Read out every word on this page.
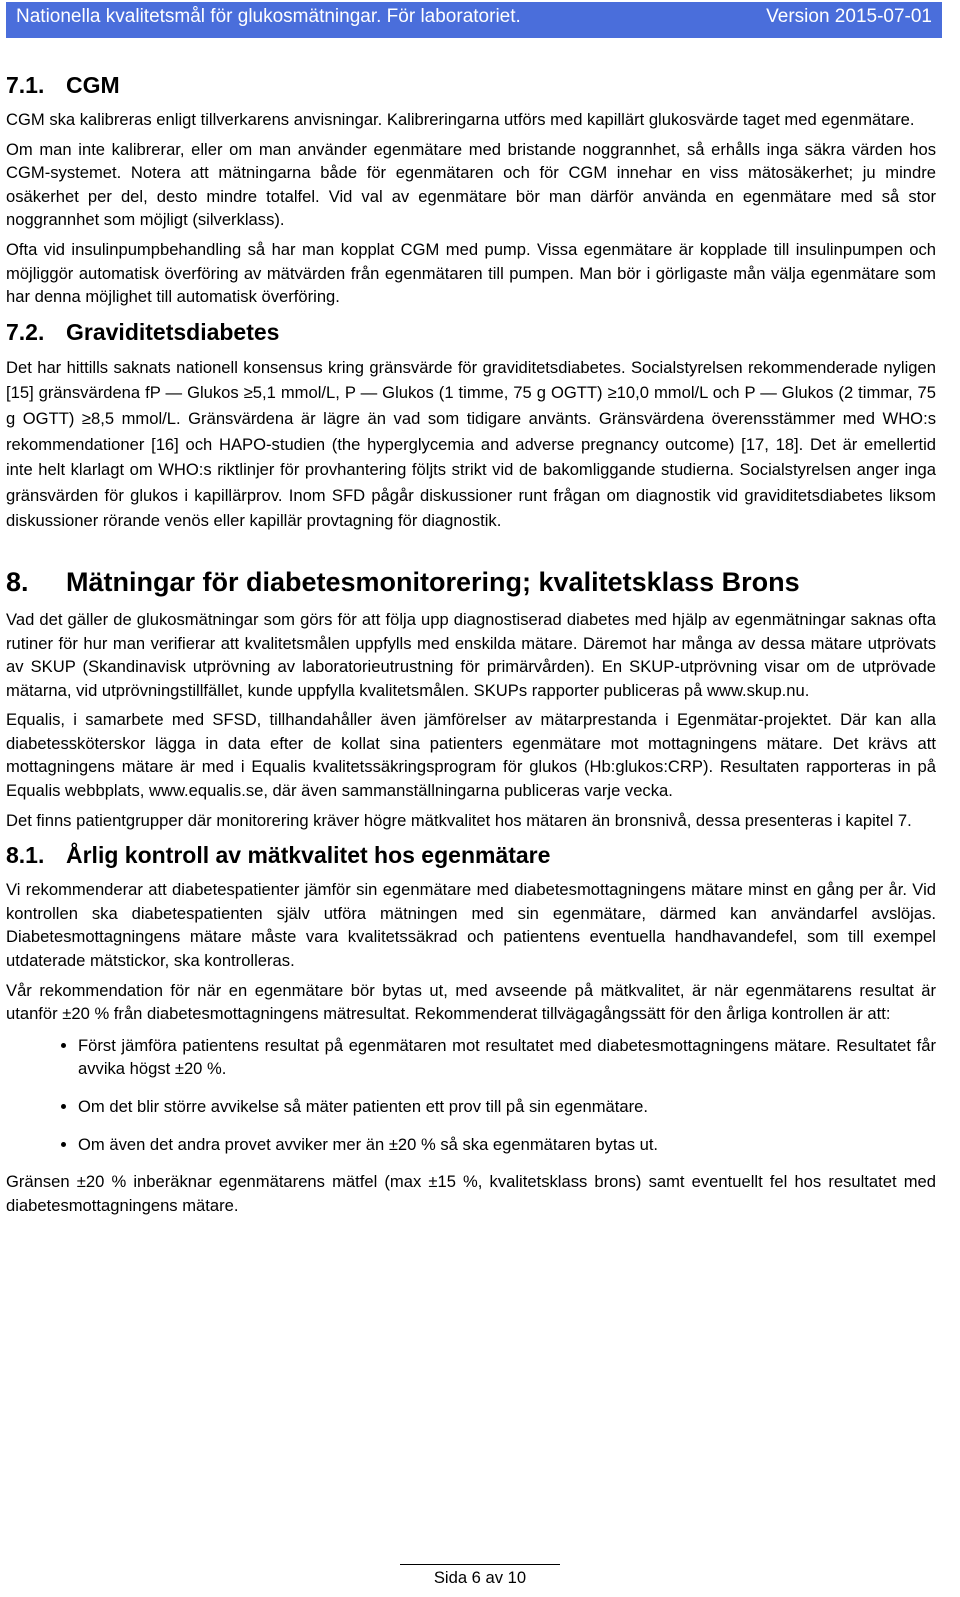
Nationella kvalitetsmål för glukosmätningar. För laboratoriet.	Version 2015-07-01
7.1. CGM

CGM ska kalibreras enligt tillverkarens anvisningar. Kalibreringarna utförs med kapillärt glukosvärde taget med egenmätare.

Om man inte kalibrerar, eller om man använder egenmätare med bristande noggrannhet, så erhålls inga säkra värden hos CGM-systemet. Notera att mätningarna både för egenmätaren och för CGM innehar en viss mätosäkerhet; ju mindre osäkerhet per del, desto mindre totalfel. Vid val av egenmätare bör man därför använda en egenmätare med så stor noggrannhet som möjligt (silverklass).

Ofta vid insulinpumpbehandling så har man kopplat CGM med pump. Vissa egenmätare är kopplade till insulinpumpen och möjliggör automatisk överföring av mätvärden från egenmätaren till pumpen. Man bör i görligaste mån välja egenmätare som har denna möjlighet till automatisk överföring.

7.2. Graviditetsdiabetes

Det har hittills saknats nationell konsensus kring gränsvärde för graviditetsdiabetes. Socialstyrelsen rekommenderade nyligen [15] gränsvärdena fP — Glukos ≥5,1 mmol/L, P — Glukos (1 timme, 75 g OGTT) ≥10,0 mmol/L och P — Glukos (2 timmar, 75 g OGTT) ≥8,5 mmol/L. Gränsvärdena är lägre än vad som tidigare använts. Gränsvärdena överensstämmer med WHO:s rekommendationer [16] och HAPO-studien (the hyperglycemia and adverse pregnancy outcome) [17, 18]. Det är emellertid inte helt klarlagt om WHO:s riktlinjer för provhantering följts strikt vid de bakomliggande studierna. Socialstyrelsen anger inga gränsvärden för glukos i kapillärprov. Inom SFD pågår diskussioner runt frågan om diagnostik vid graviditetsdiabetes liksom diskussioner rörande venös eller kapillär provtagning för diagnostik.

8. Mätningar för diabetesmonitorering; kvalitetsklass Brons

Vad det gäller de glukosmätningar som görs för att följa upp diagnostiserad diabetes med hjälp av egenmätningar saknas ofta rutiner för hur man verifierar att kvalitetsmålen uppfylls med enskilda mätare. Däremot har många av dessa mätare utprövats av SKUP (Skandinavisk utprövning av laboratorieutrustning för primärvården). En SKUP-utprövning visar om de utprövade mätarna, vid utprövningstillfället, kunde uppfylla kvalitetsmålen. SKUPs rapporter publiceras på www.skup.nu.

Equalis, i samarbete med SFSD, tillhandahåller även jämförelser av mätarprestanda i Egenmätar-projektet. Där kan alla diabetessköterskor lägga in data efter de kollat sina patienters egenmätare mot mottagningens mätare. Det krävs att mottagningens mätare är med i Equalis kvalitetssäkringsprogram för glukos (Hb:glukos:CRP). Resultaten rapporteras in på Equalis webbplats, www.equalis.se, där även sammanställningarna publiceras varje vecka.

Det finns patientgrupper där monitorering kräver högre mätkvalitet hos mätaren än bronsnivå, dessa presenteras i kapitel 7.

8.1. Årlig kontroll av mätkvalitet hos egenmätare

Vi rekommenderar att diabetespatienter jämför sin egenmätare med diabetesmottagningens mätare minst en gång per år. Vid kontrollen ska diabetespatienten själv utföra mätningen med sin egenmätare, därmed kan användarfel avslöjas. Diabetesmottagningens mätare måste vara kvalitetssäkrad och patientens eventuella handhavandefel, som till exempel utdaterade mätstickor, ska kontrolleras.

Vår rekommendation för när en egenmätare bör bytas ut, med avseende på mätkvalitet, är när egenmätarens resultat är utanför ±20 % från diabetesmottagningens mätresultat. Rekommenderat tillvägagångssätt för den årliga kontrollen är att:

• Först jämföra patientens resultat på egenmätaren mot resultatet med diabetesmottagningens mätare. Resultatet får avvika högst ±20 %.
• Om det blir större avvikelse så mäter patienten ett prov till på sin egenmätare.
• Om även det andra provet avviker mer än ±20 % så ska egenmätaren bytas ut.

Gränsen ±20 % inberäknar egenmätarens mätfel (max ±15 %, kvalitetsklass brons) samt eventuellt fel hos resultatet med diabetesmottagningens mätare.

Sida 6 av 10
